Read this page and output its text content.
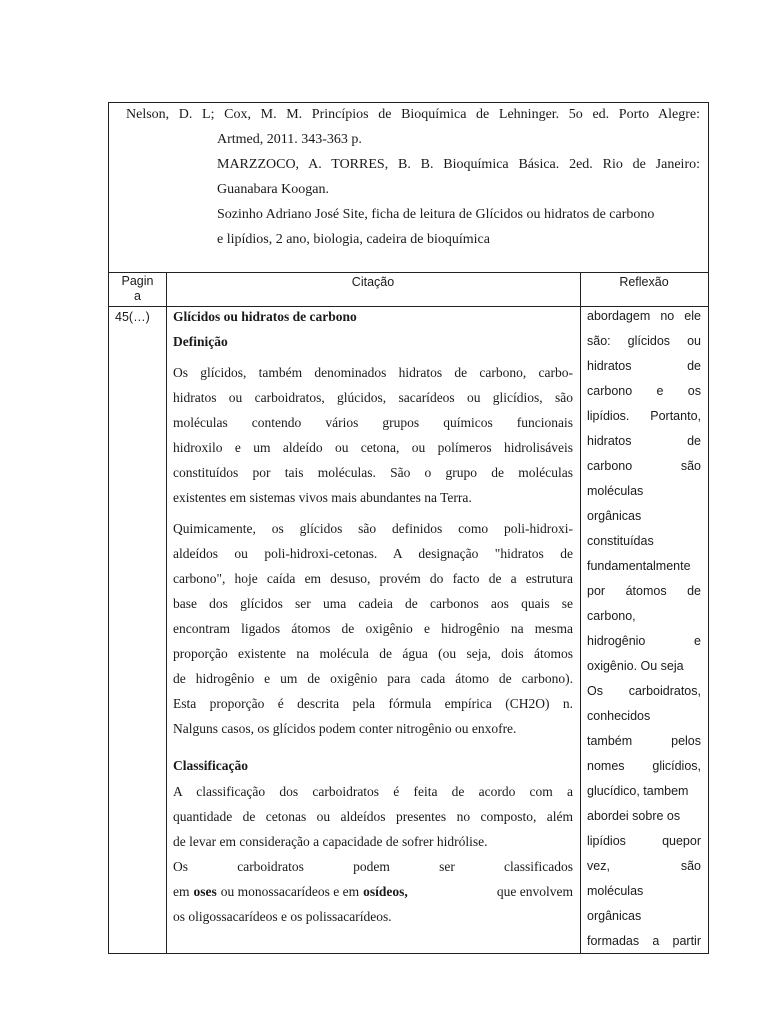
Nelson, D. L; Cox, M. M. Princípios de Bioquímica de Lehninger. 5o ed. Porto Alegre:
Artmed, 2011. 343-363 p.
MARZZOCO, A. TORRES, B. B. Bioquímica Básica. 2ed. Rio de Janeiro:
Guanabara Koogan.
Sozinho Adriano José Site, ficha de leitura de Glícidos ou hidratos de carbono
e lipídios, 2 ano, biologia, cadeira de bioquímica
Pagin
a
Citação	Reflexão
45(…) Glícidos ou hidratos de carbono
Definição
Os glícidos, também denominados hidratos de carbono, carbo-
hidratos ou carboidratos, glúcidos, sacarídeos ou glicídios, são
moléculas contendo vários grupos químicos funcionais
hidroxilo e um aldeído ou cetona, ou polímeros hidrolisáveis
constituídos por tais moléculas. São o grupo de moléculas
existentes em sistemas vivos mais abundantes na Terra.
Quimicamente, os glícidos são definidos como poli-hidroxi-
aldeídos ou poli-hidroxi-cetonas. A designação "hidratos de
carbono", hoje caída em desuso, provém do facto de a estrutura
base dos glícidos ser uma cadeia de carbonos aos quais se
encontram ligados átomos de oxigênio e hidrogênio na mesma
proporção existente na molécula de água (ou seja, dois átomos
de hidrogênio e um de oxigênio para cada átomo de carbono).
Esta proporção é descrita pela fórmula empírica (CH2O) n.
Nalguns casos, os glícidos podem conter nitrogênio ou enxofre.
Classificação
A classificação dos carboidratos é feita de acordo com a
quantidade de cetonas ou aldeídos presentes no composto, além
de levar em consideração a capacidade de sofrer hidrólise.
Os carboidratos podem ser classificados
em oses ou monossacarídeos e em osídeos,	que envolvem
os oligossacarídeos e os polissacarídeos.
abordagem no ele
são: glícidos ou
hidratos de
carbono e os
lipídios. Portanto,
hidratos de
carbono são
moléculas
orgânicas
constituídas
fundamentalmente
por átomos de
carbono,
hidrogênio e
oxigênio. Ou seja
Os carboidratos,
conhecidos
também pelos
nomes glicídios,
glucídico, tambem
abordei sobre os
lipídios quepor
vez, são
moléculas
orgânicas
formadas a partir
